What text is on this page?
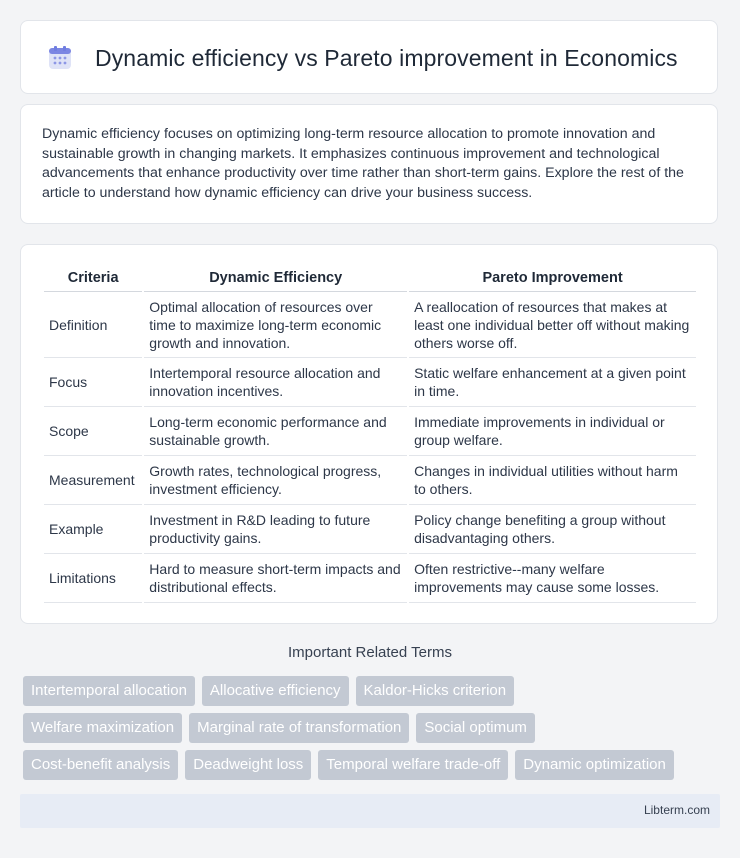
Dynamic efficiency vs Pareto improvement in Economics

Dynamic efficiency focuses on optimizing long-term resource allocation to promote innovation and sustainable growth in changing markets. It emphasizes continuous improvement and technological advancements that enhance productivity over time rather than short-term gains. Explore the rest of the article to understand how dynamic efficiency can drive your business success.

Criteria	Dynamic Efficiency	Pareto Improvement
Definition	Optimal allocation of resources over time to maximize long-term economic growth and innovation.	A reallocation of resources that makes at least one individual better off without making others worse off.
Focus	Intertemporal resource allocation and innovation incentives.	Static welfare enhancement at a given point in time.
Scope	Long-term economic performance and sustainable growth.	Immediate improvements in individual or group welfare.
Measurement	Growth rates, technological progress, investment efficiency.	Changes in individual utilities without harm to others.
Example	Investment in R&D leading to future productivity gains.	Policy change benefiting a group without disadvantaging others.
Limitations	Hard to measure short-term impacts and distributional effects.	Often restrictive--many welfare improvements may cause some losses.
Important Related Terms
Intertemporal allocation	Allocative efficiency	Kaldor-Hicks criterion
Welfare maximization	Marginal rate of transformation	Social optimum
Cost-benefit analysis	Deadweight loss	Temporal welfare trade-off	Dynamic optimization
Libterm.com
